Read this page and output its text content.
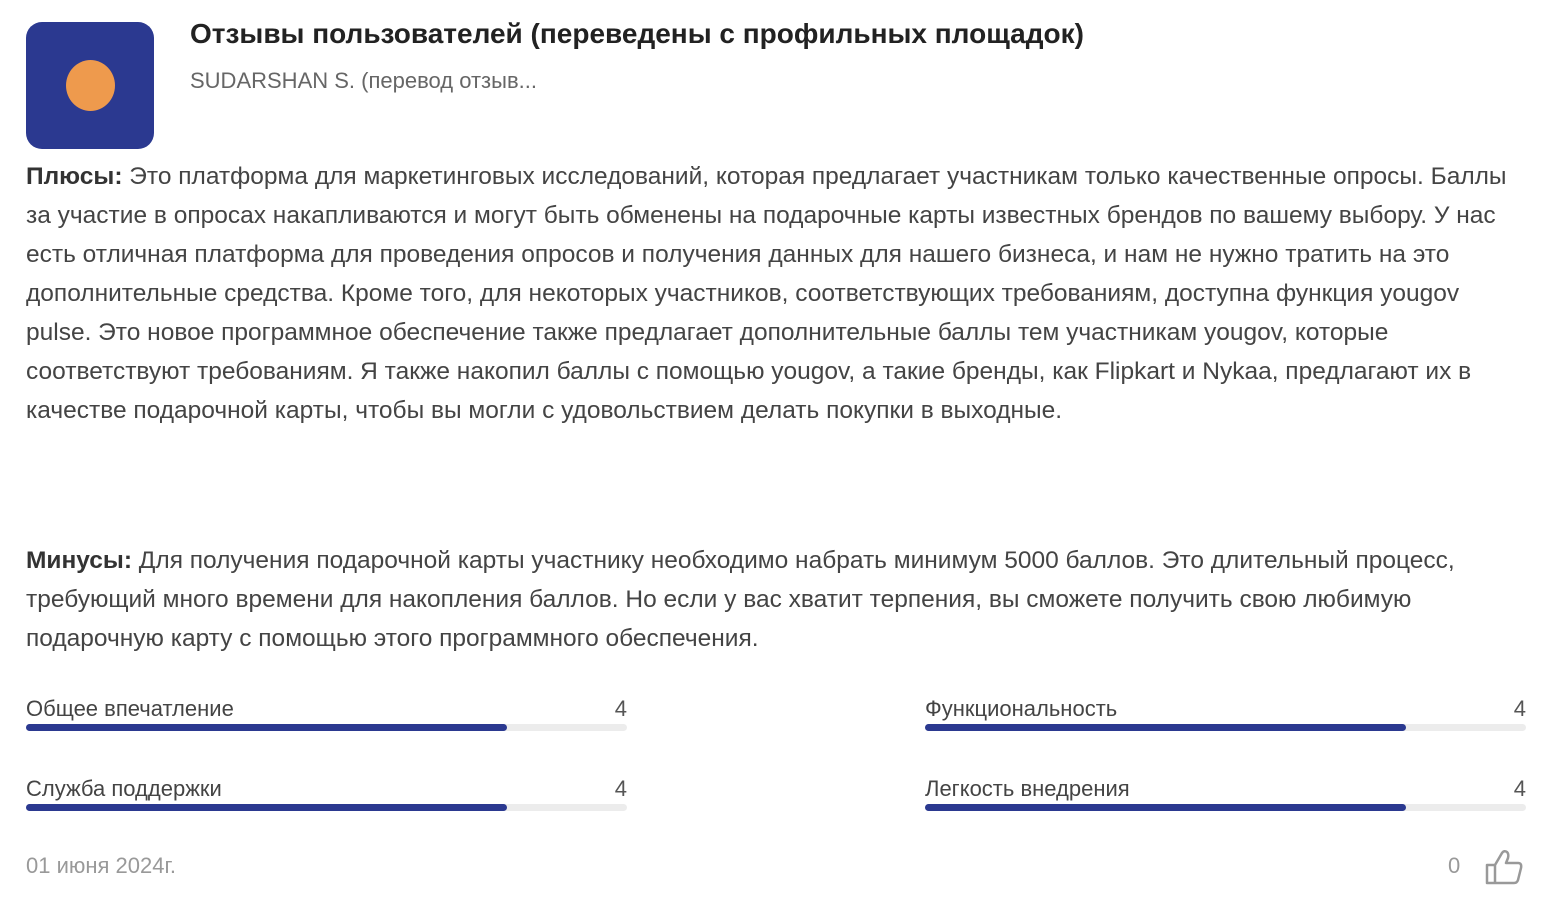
Отзывы пользователей (переведены с профильных площадок)
SUDARSHAN S. (перевод отзыв...
Плюсы: Это платформа для маркетинговых исследований, которая предлагает участникам только качественные опросы. Баллы за участие в опросах накапливаются и могут быть обменены на подарочные карты известных брендов по вашему выбору. У нас есть отличная платформа для проведения опросов и получения данных для нашего бизнеса, и нам не нужно тратить на это дополнительные средства. Кроме того, для некоторых участников, соответствующих требованиям, доступна функция yougov pulse. Это новое программное обеспечение также предлагает дополнительные баллы тем участникам yougov, которые соответствуют требованиям. Я также накопил баллы с помощью yougov, а такие бренды, как Flipkart и Nykaa, предлагают их в качестве подарочной карты, чтобы вы могли с удовольствием делать покупки в выходные.
Минусы: Для получения подарочной карты участнику необходимо набрать минимум 5000 баллов. Это длительный процесс, требующий много времени для накопления баллов. Но если у вас хватит терпения, вы сможете получить свою любимую подарочную карту с помощью этого программного обеспечения.
Общее впечатление	4	Функциональность	4
Служба поддержки	4	Легкость внедрения	4
01 июня 2024г.	0
